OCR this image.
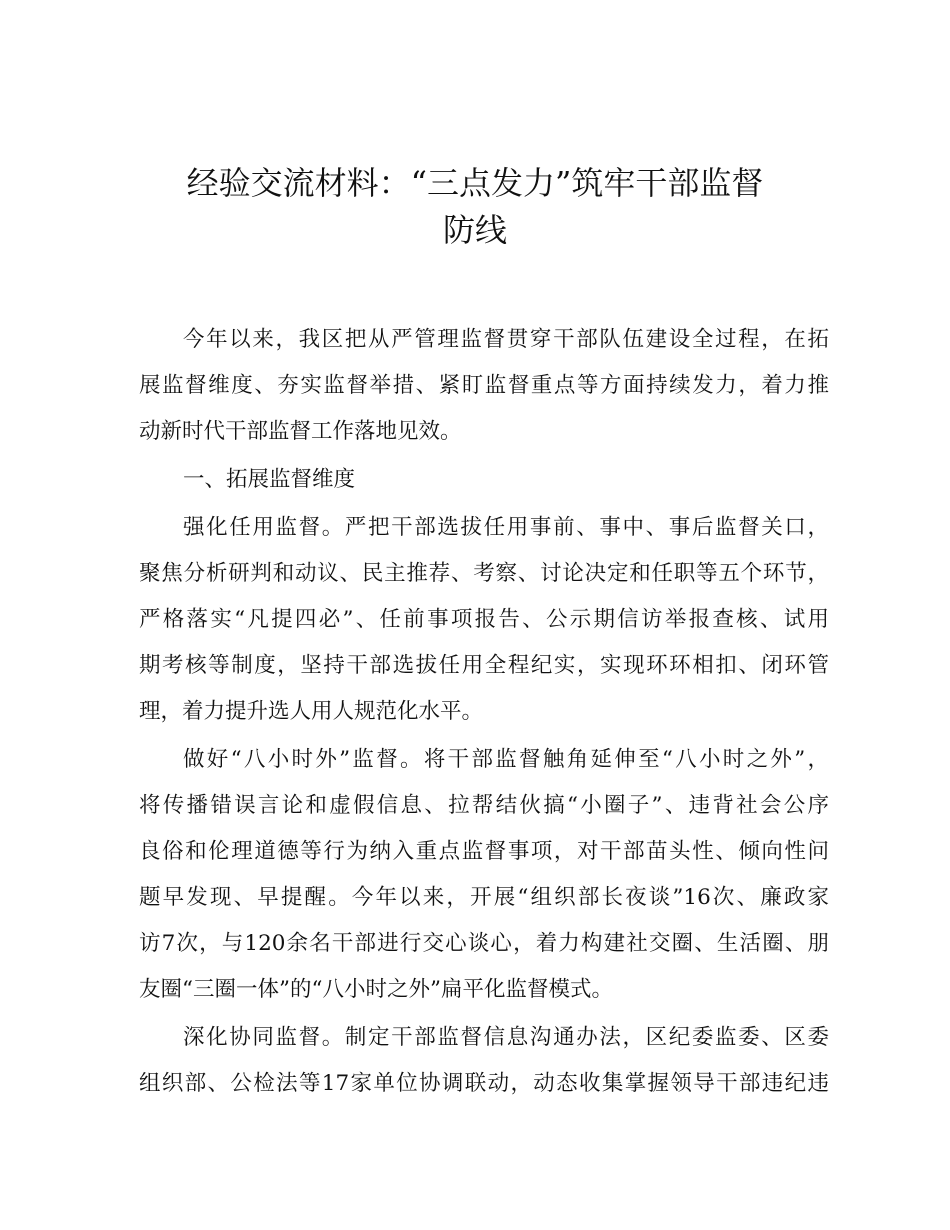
经验交流材料：“三点发力”筑牢干部监督
防线
今年以来，我区把从严管理监督贯穿干部队伍建设全过程，在拓
展监督维度、夯实监督举措、紧盯监督重点等方面持续发力，着力推
动新时代干部监督工作落地见效。
一、拓展监督维度
强化任用监督。严把干部选拔任用事前、事中、事后监督关口，
聚焦分析研判和动议、民主推荐、考察、讨论决定和任职等五个环节，
严格落实“凡提四必”、任前事项报告、公示期信访举报查核、试用
期考核等制度，坚持干部选拔任用全程纪实，实现环环相扣、闭环管
理，着力提升选人用人规范化水平。
做好“八小时外”监督。将干部监督触角延伸至“八小时之外”，
将传播错误言论和虚假信息、拉帮结伙搞“小圈子”、违背社会公序
良俗和伦理道德等行为纳入重点监督事项，对干部苗头性、倾向性问
题早发现、早提醒。今年以来，开展“组织部长夜谈”16次、廉政家
访7次，与120余名干部进行交心谈心，着力构建社交圈、生活圈、朋
友圈“三圈一体”的“八小时之外”扁平化监督模式。
深化协同监督。制定干部监督信息沟通办法，区纪委监委、区委
组织部、公检法等17家单位协调联动，动态收集掌握领导干部违纪违
